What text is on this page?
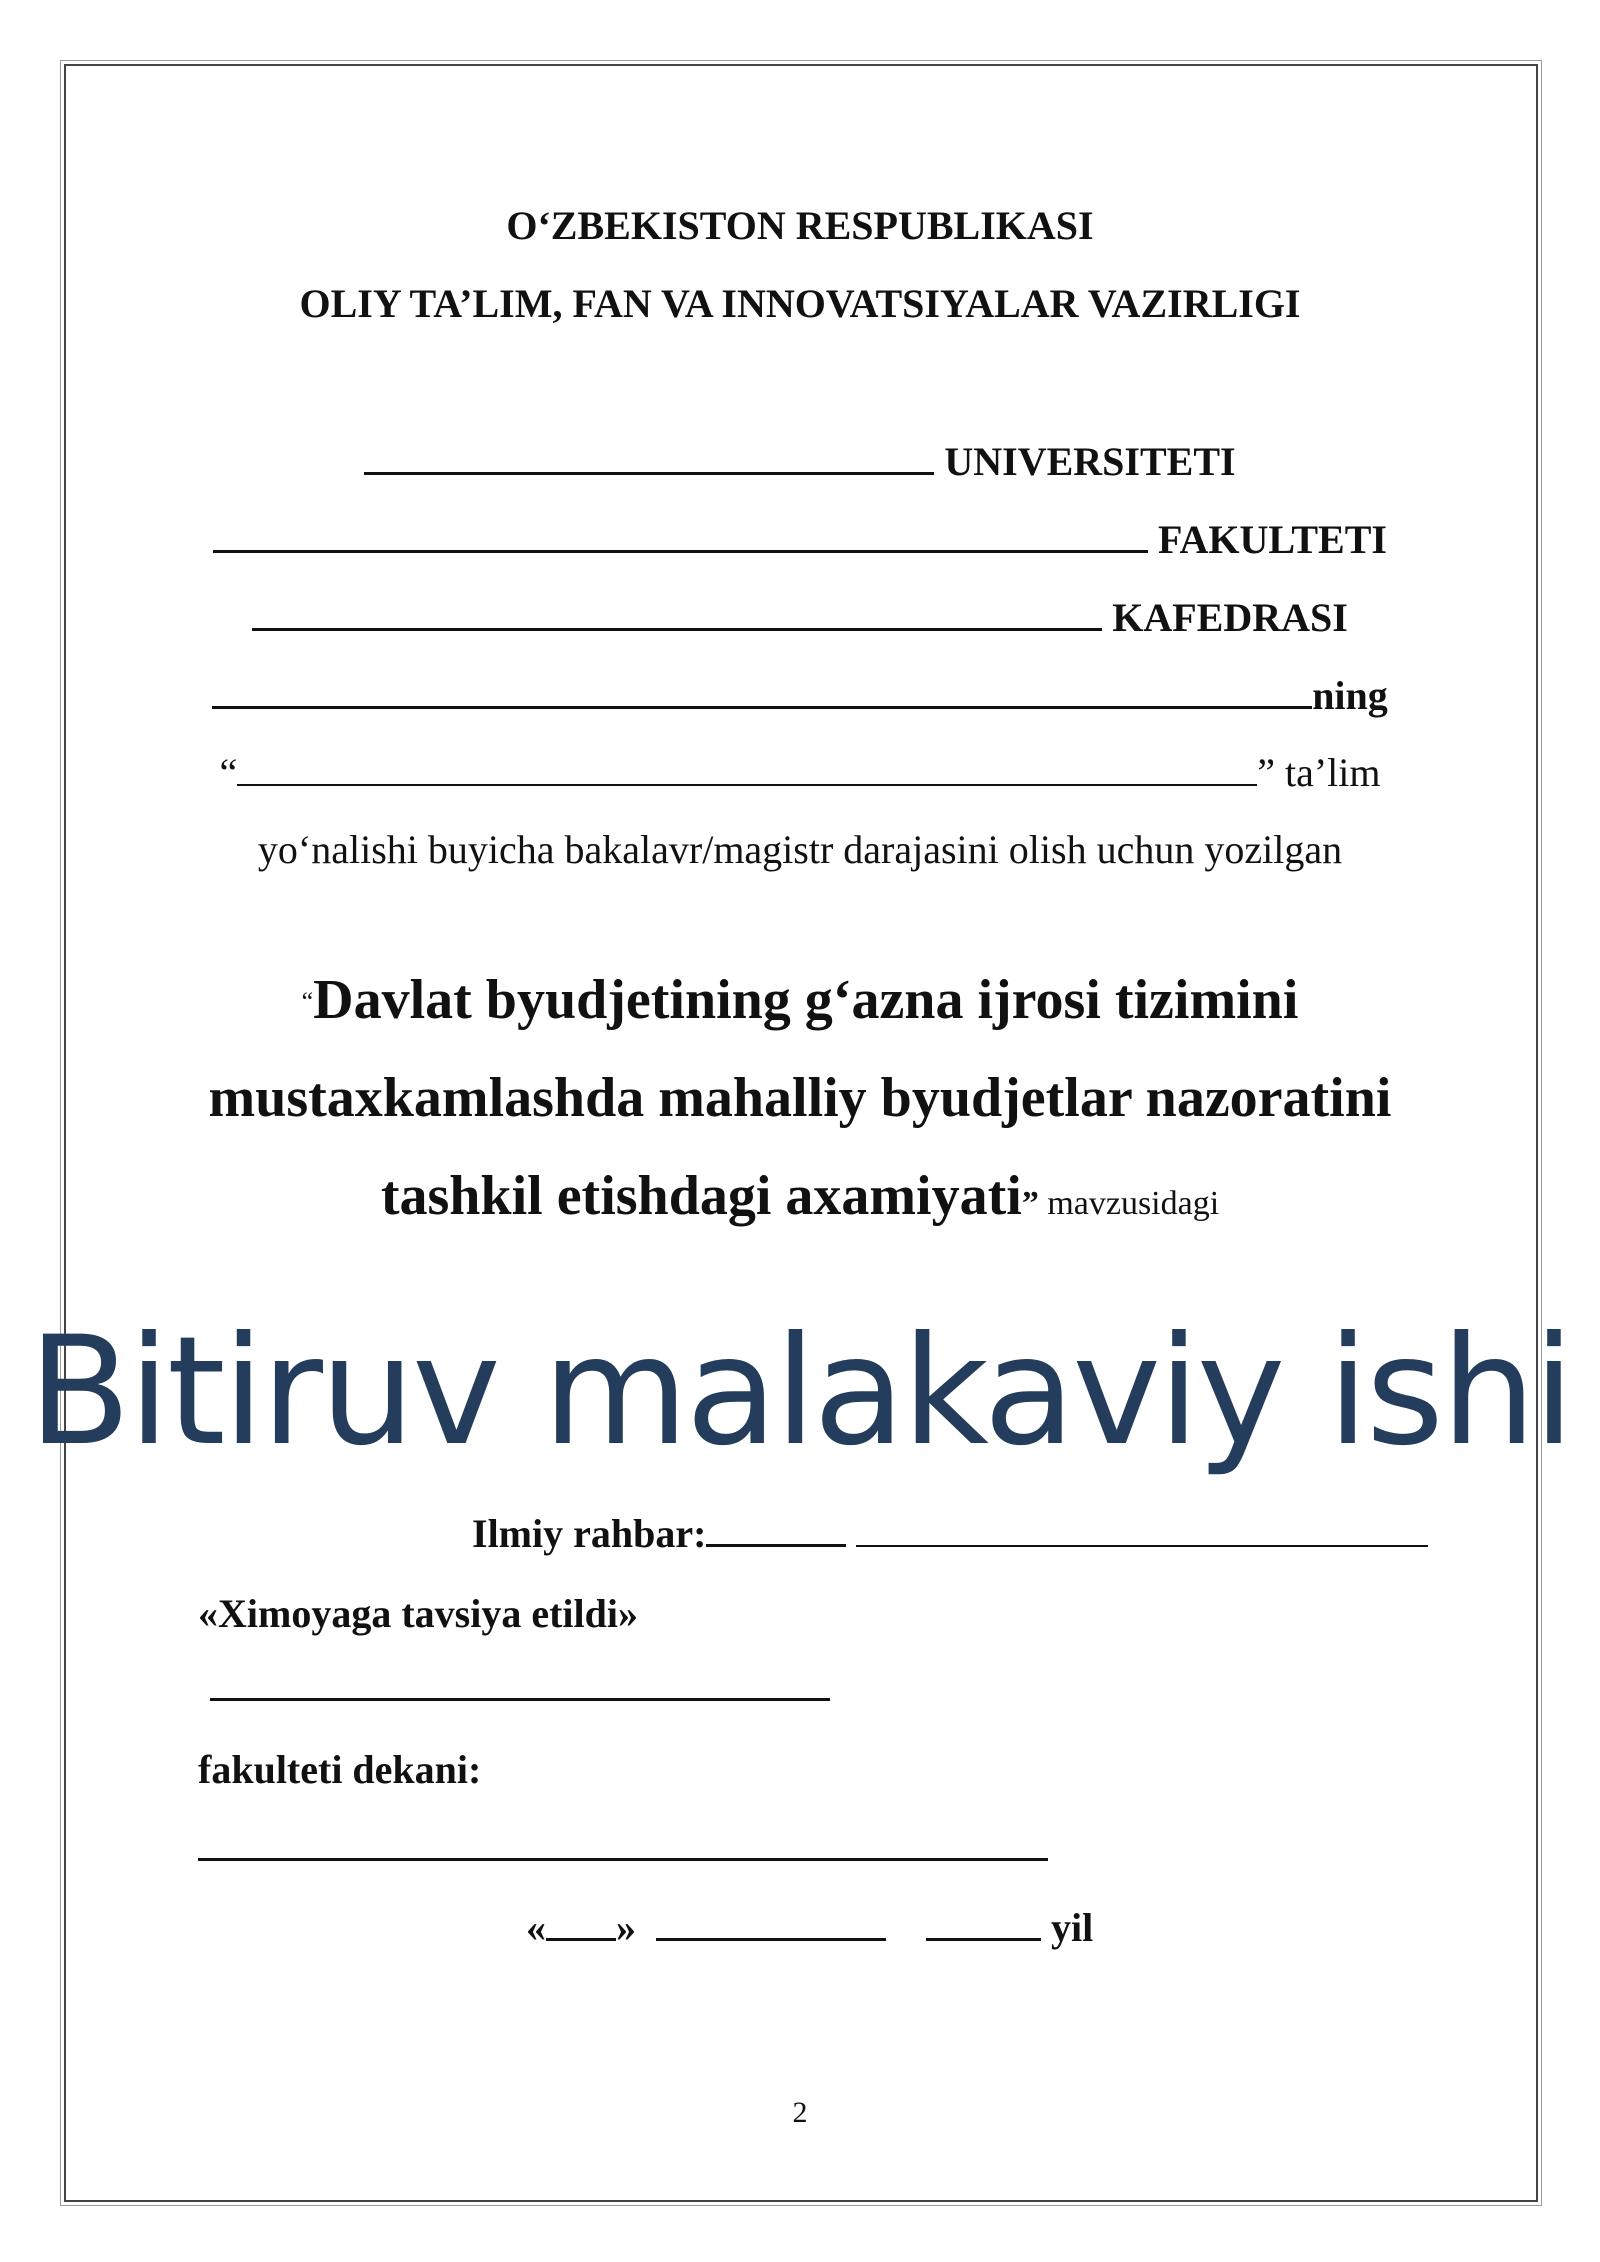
O‘ZBEKISTON RESPUBLIKASI
OLIY TA’LIM, FAN VA INNOVATSIYALAR VAZIRLIGI
UNIVERSITETI
FAKULTETI
KAFEDRASI
ning
“	” ta’lim
yo‘nalishi buyicha bakalavr/magistr darajasini olish uchun yozilgan
“Davlat byudjetining g‘azna ijrosi tizimini
mustaxkamlashda mahalliy byudjetlar nazoratini
tashkil etishdagi axamiyati” mavzusidagi
Bitiruv malakaviy ishi
Ilmiy rahbar:
«Ximoyaga tavsiya etildi»
fakulteti dekani:
« »	yil
2
